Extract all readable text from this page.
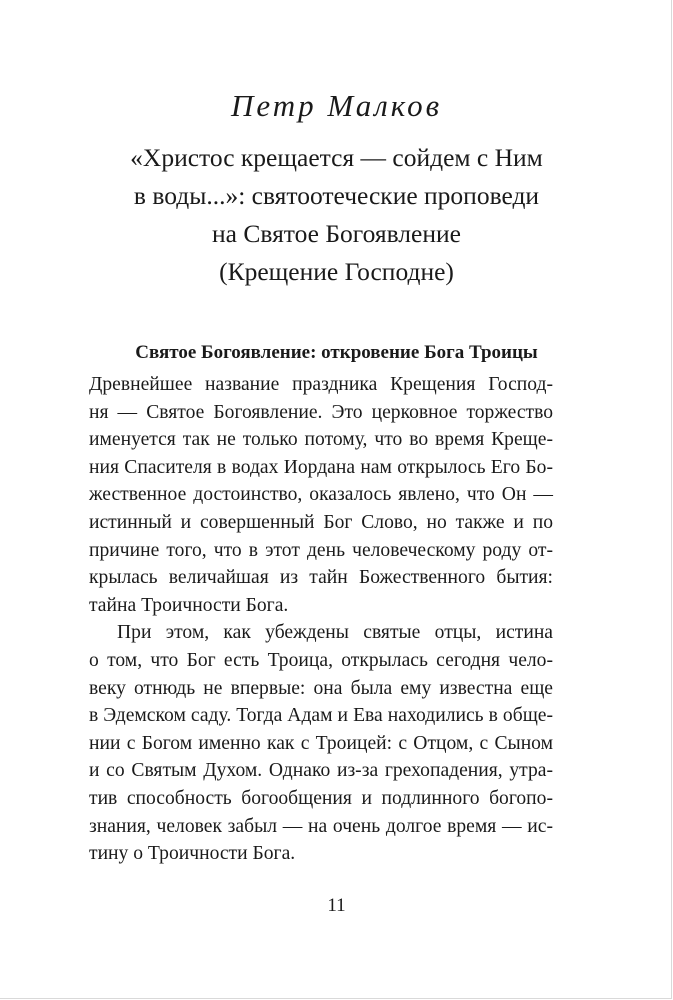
Петр Малков
«Христос крещается — сойдем с Ним
в воды...»: святоотеческие проповеди
на Святое Богоявление
(Крещение Господне)
Святое Богоявление: откровение Бога Троицы
Древнейшее название праздника Крещения Господ-
ня — Святое Богоявление. Это церковное торжество
именуется так не только потому, что во время Креще-
ния Спасителя в водах Иордана нам открылось Его Бо-
жественное достоинство, оказалось явлено, что Он —
истинный и совершенный Бог Слово, но также и по
причине того, что в этот день человеческому роду от-
крылась величайшая из тайн Божественного бытия:
тайна Троичности Бога.
При этом, как убеждены святые отцы, истина
о том, что Бог есть Троица, открылась сегодня чело-
веку отнюдь не впервые: она была ему известна еще
в Эдемском саду. Тогда Адам и Ева находились в обще-
нии с Богом именно как с Троицей: с Отцом, с Сыном
и со Святым Духом. Однако из-за грехопадения, утра-
тив способность богообщения и подлинного богопо-
знания, человек забыл — на очень долгое время — ис-
тину о Троичности Бога.
11
